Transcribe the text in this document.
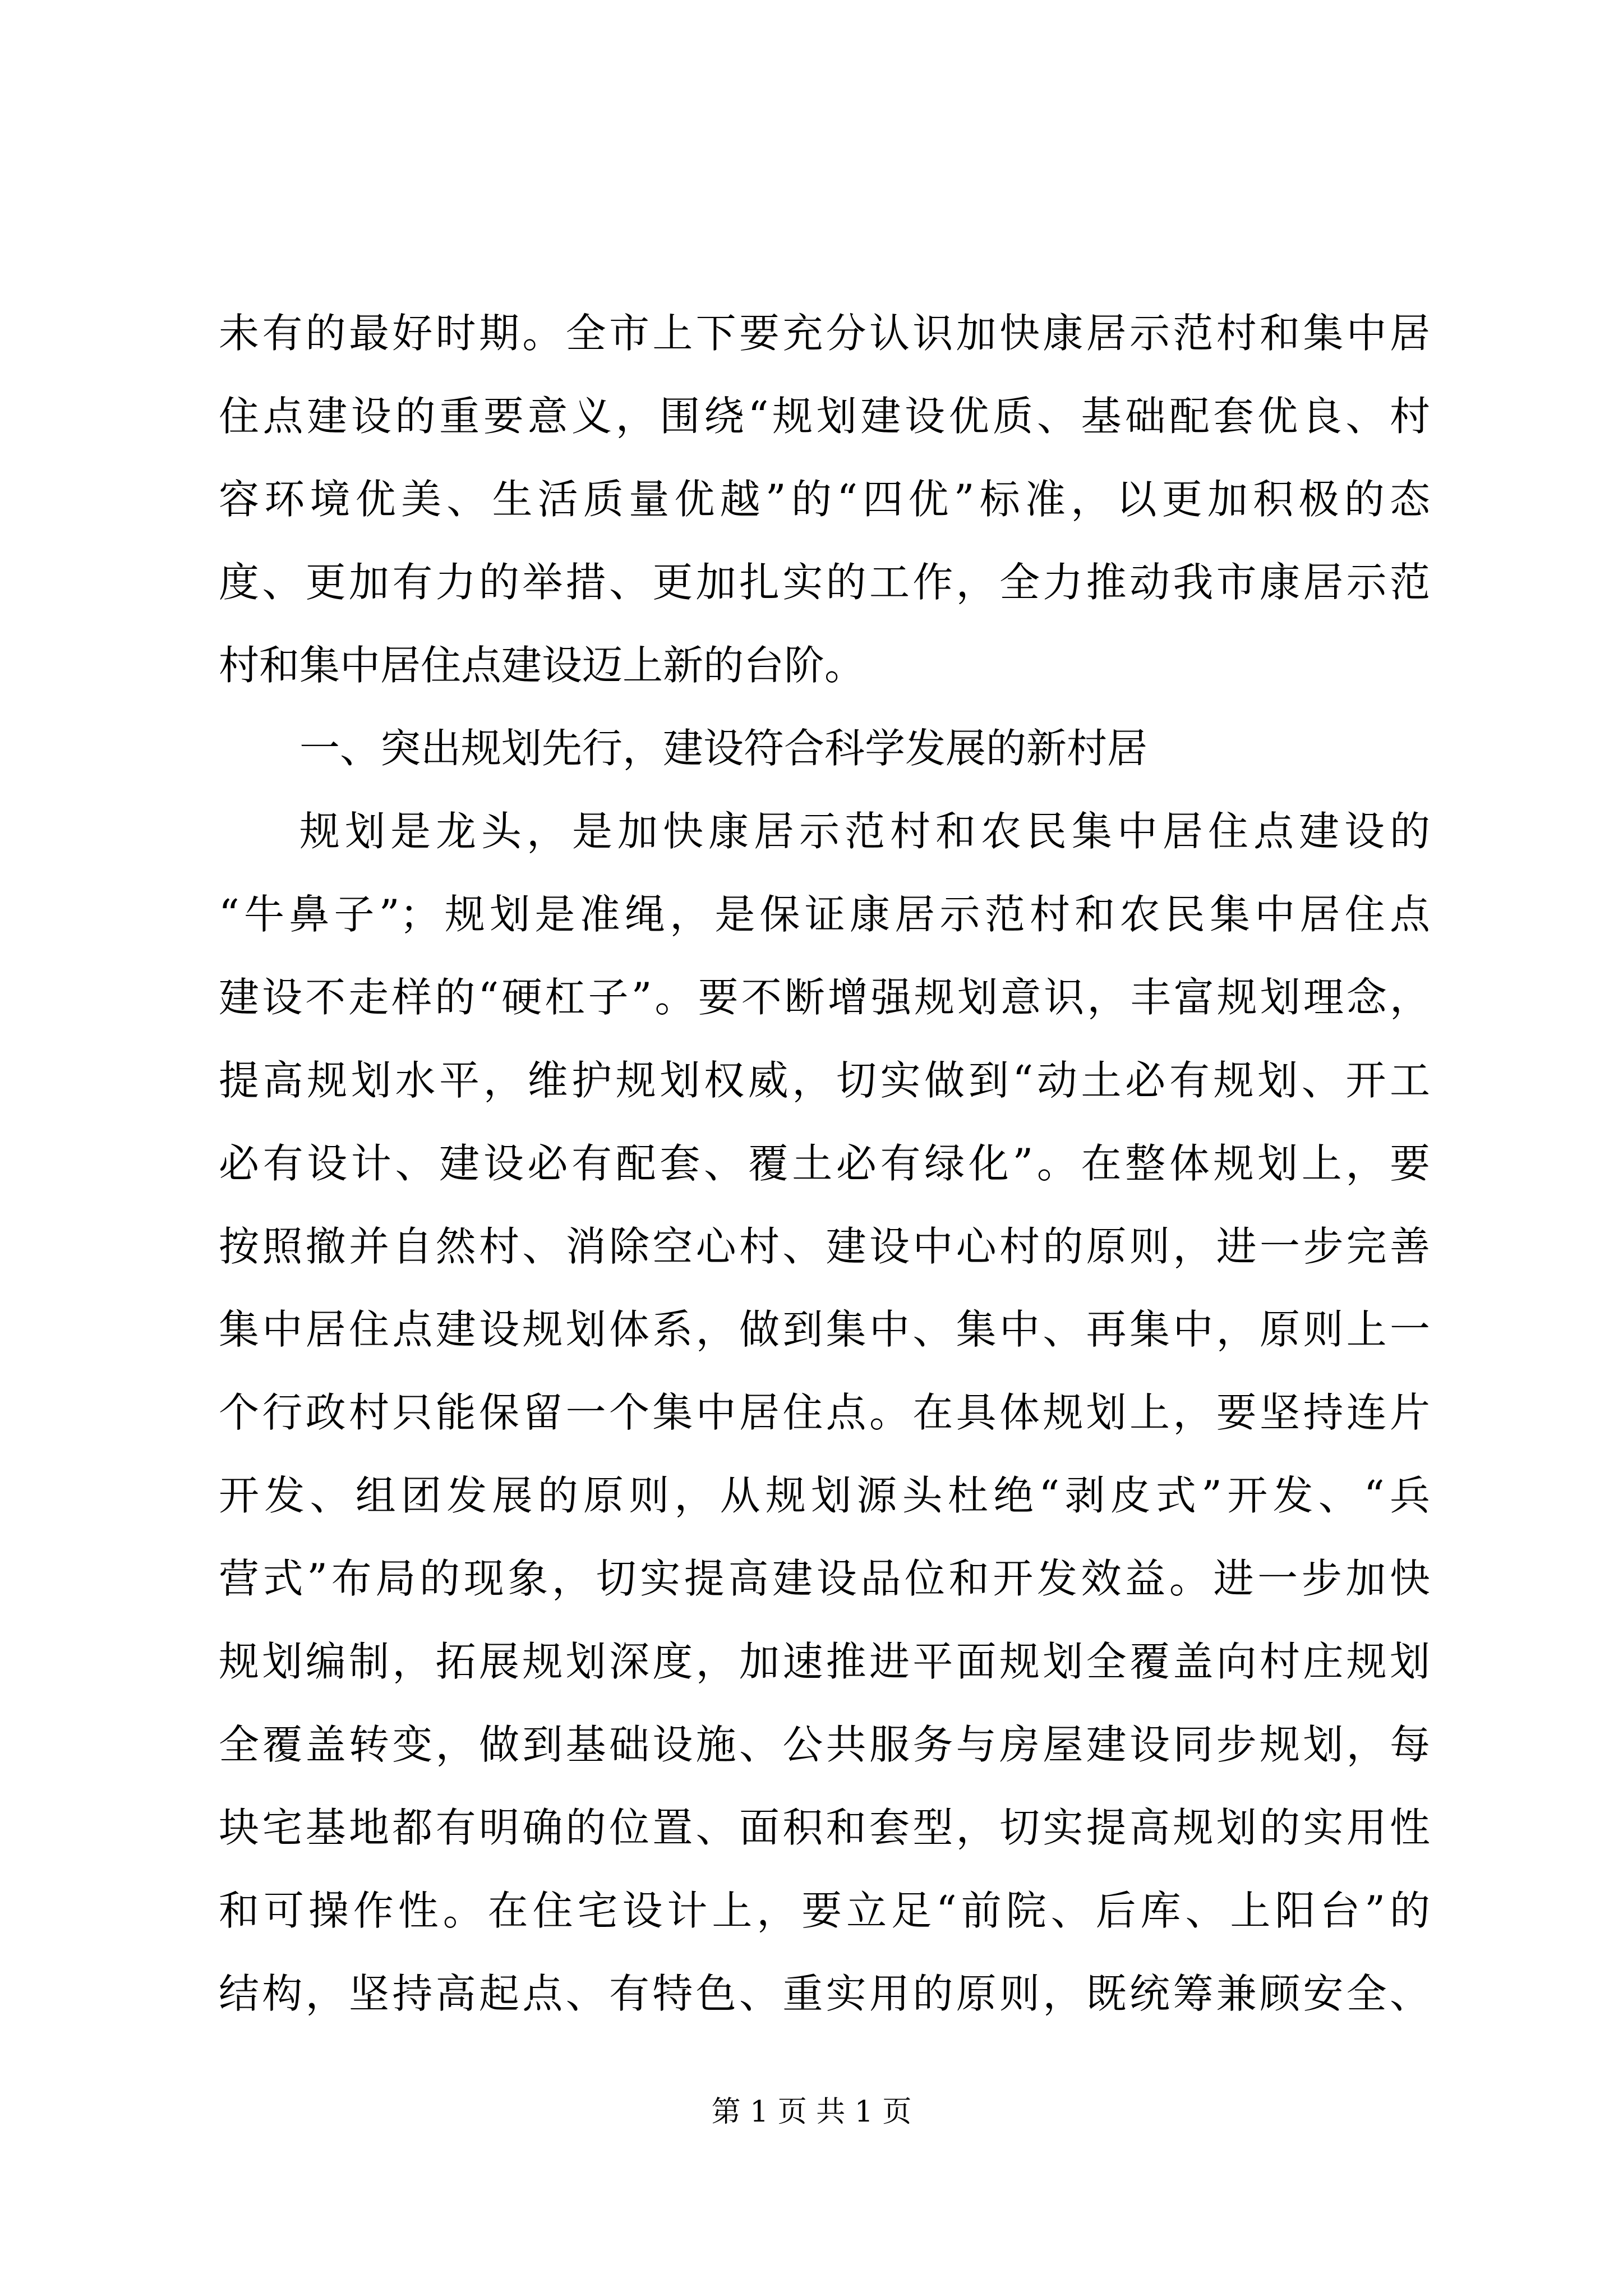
未有的最好时期。全市上下要充分认识加快康居示范村和集中居
住点建设的重要意义，围绕“规划建设优质、基础配套优良、村
容环境优美、生活质量优越”的“四优”标准，以更加积极的态
度、更加有力的举措、更加扎实的工作，全力推动我市康居示范
村和集中居住点建设迈上新的台阶。
一、突出规划先行，建设符合科学发展的新村居
规划是龙头，是加快康居示范村和农民集中居住点建设的
“牛鼻子”；规划是准绳，是保证康居示范村和农民集中居住点
建设不走样的“硬杠子”。要不断增强规划意识，丰富规划理念，
提高规划水平，维护规划权威，切实做到“动土必有规划、开工
必有设计、建设必有配套、覆土必有绿化”。在整体规划上，要
按照撤并自然村、消除空心村、建设中心村的原则，进一步完善
集中居住点建设规划体系，做到集中、集中、再集中，原则上一
个行政村只能保留一个集中居住点。在具体规划上，要坚持连片
开发、组团发展的原则，从规划源头杜绝“剥皮式”开发、“兵
营式”布局的现象，切实提高建设品位和开发效益。进一步加快
规划编制，拓展规划深度，加速推进平面规划全覆盖向村庄规划
全覆盖转变，做到基础设施、公共服务与房屋建设同步规划，每
块宅基地都有明确的位置、面积和套型，切实提高规划的实用性
和可操作性。在住宅设计上，要立足“前院、后库、上阳台”的
结构，坚持高起点、有特色、重实用的原则，既统筹兼顾安全、
第 1 页 共 1 页
